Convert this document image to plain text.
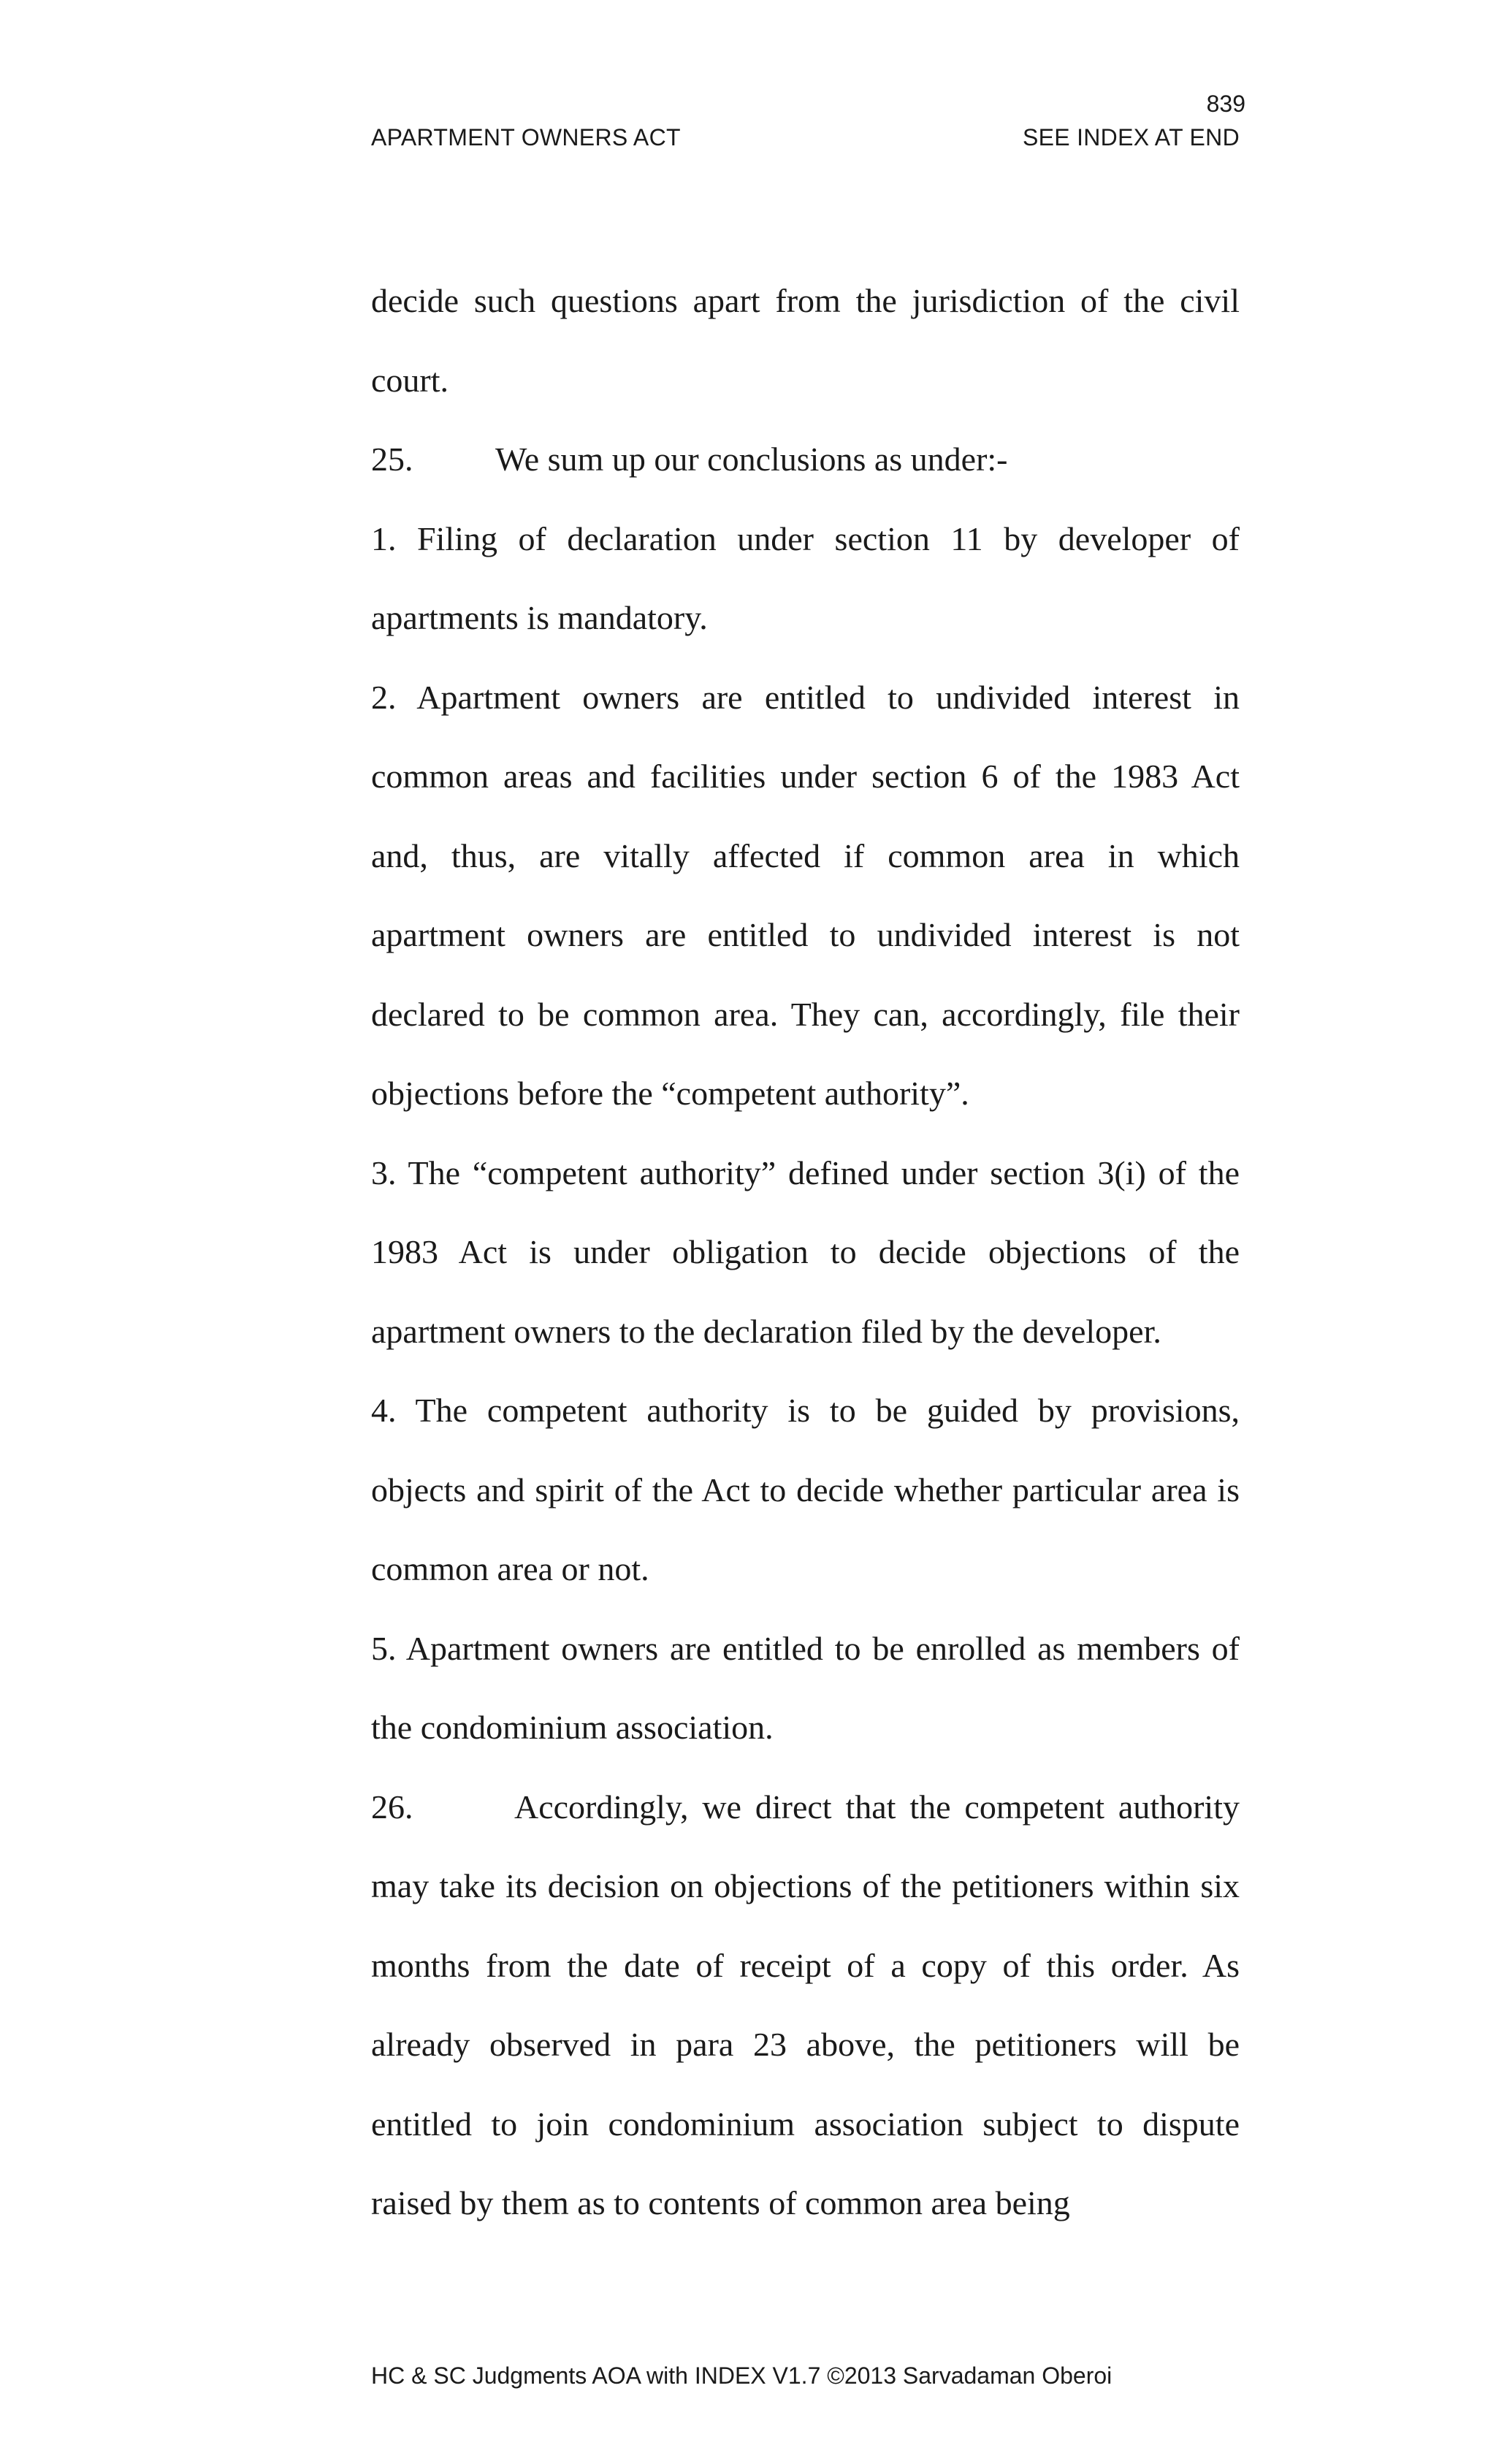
839
APARTMENT OWNERS ACT	SEE INDEX AT END

decide such questions apart from the jurisdiction of the civil court.

25. We sum up our conclusions as under:-

1. Filing of declaration under section 11 by developer of apartments is mandatory.

2. Apartment owners are entitled to undivided interest in common areas and facilities under section 6 of the 1983 Act and, thus, are vitally affected if common area in which apartment owners are entitled to undivided interest is not declared to be common area. They can, accordingly, file their objections before the “competent authority”.

3. The “competent authority” defined under section 3(i) of the 1983 Act is under obligation to decide objections of the apartment owners to the declaration filed by the developer.

4. The competent authority is to be guided by provisions, objects and spirit of the Act to decide whether particular area is common area or not.

5. Apartment owners are entitled to be enrolled as members of the condominium association.

26.	Accordingly, we direct that the competent authority may take its decision on objections of the petitioners within six months from the date of receipt of a copy of this order. As already observed in para 23 above, the petitioners will be entitled to join condominium association subject to dispute raised by them as to contents of common area being

HC & SC Judgments AOA with INDEX V1.7 ©2013 Sarvadaman Oberoi
